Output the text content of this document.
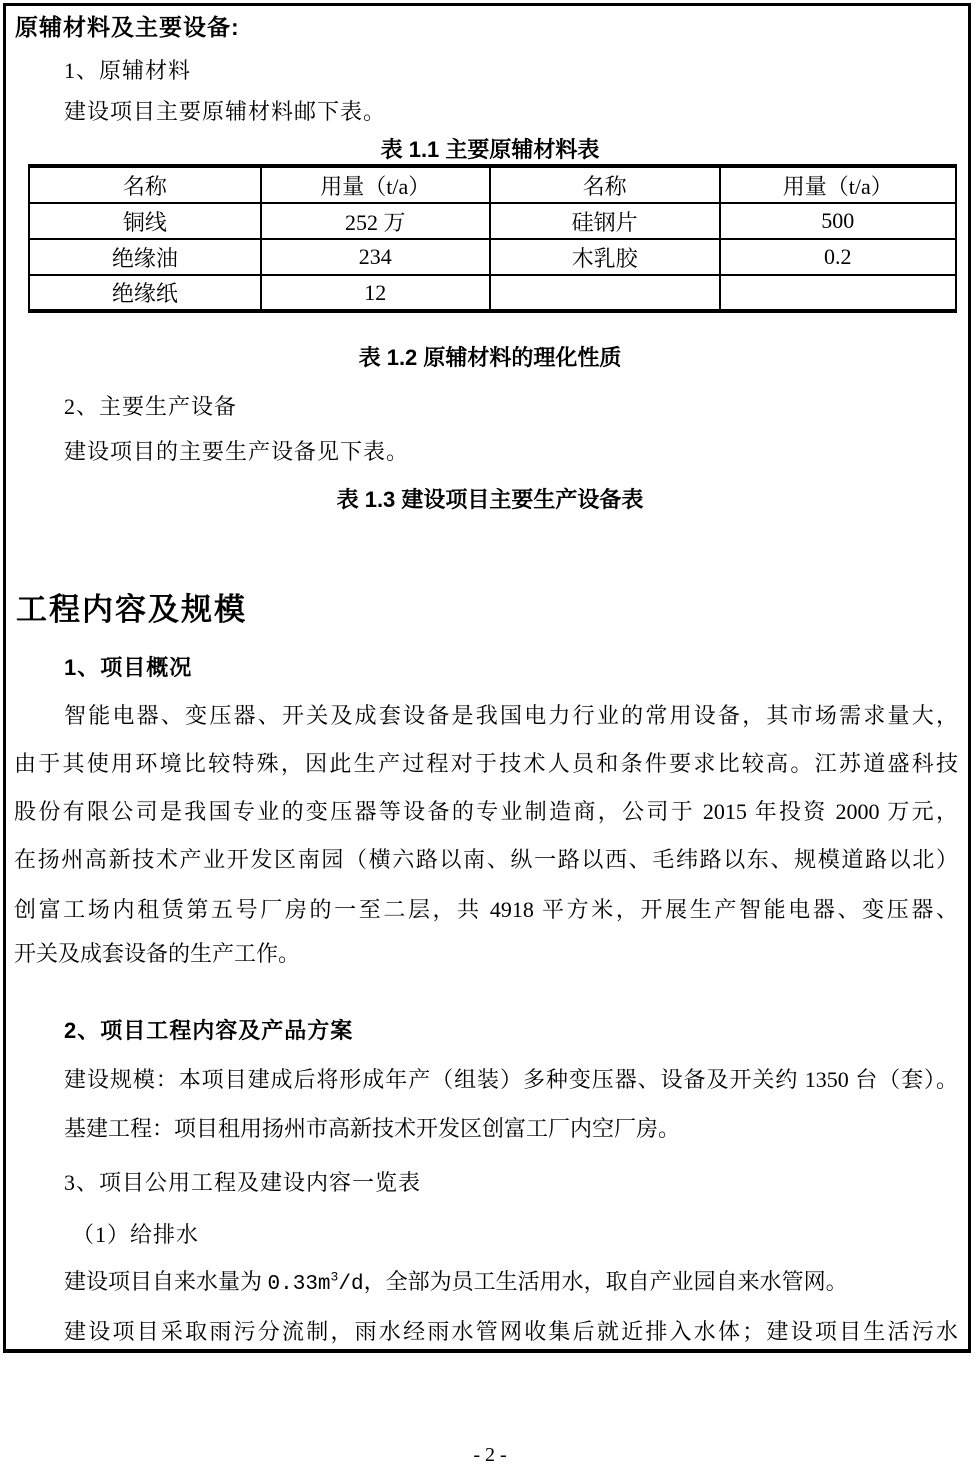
原辅材料及主要设备:
1、原辅材料
建设项目主要原辅材料邮下表。
表 1.1 主要原辅材料表
名称	用量（t/a）	名称	用量（t/a）
铜线	252 万	硅钢片	500
绝缘油	234	木乳胶	0.2
绝缘纸	12		
表 1.2 原辅材料的理化性质
2、主要生产设备
建设项目的主要生产设备见下表。
表 1.3 建设项目主要生产设备表
工程内容及规模
1、项目概况
智能电器、变压器、开关及成套设备是我国电力行业的常用设备，其市场需求量大，
由于其使用环境比较特殊，因此生产过程对于技术人员和条件要求比较高。江苏道盛科技
股份有限公司是我国专业的变压器等设备的专业制造商，公司于 2015 年投资 2000 万元，
在扬州高新技术产业开发区南园（横六路以南、纵一路以西、毛纬路以东、规模道路以北）
创富工场内租赁第五号厂房的一至二层，共 4918 平方米，开展生产智能电器、变压器、
开关及成套设备的生产工作。
2、项目工程内容及产品方案
建设规模：本项目建成后将形成年产（组装）多种变压器、设备及开关约 1350 台（套）。
基建工程：项目租用扬州市高新技术开发区创富工厂内空厂房。
3、项目公用工程及建设内容一览表
（1）给排水
建设项目自来水量为 $0.33m^3/d$，全部为员工生活用水，取自产业园自来水管网。
建设项目采取雨污分流制，雨水经雨水管网收集后就近排入水体；建设项目生活污水
- 2 -
